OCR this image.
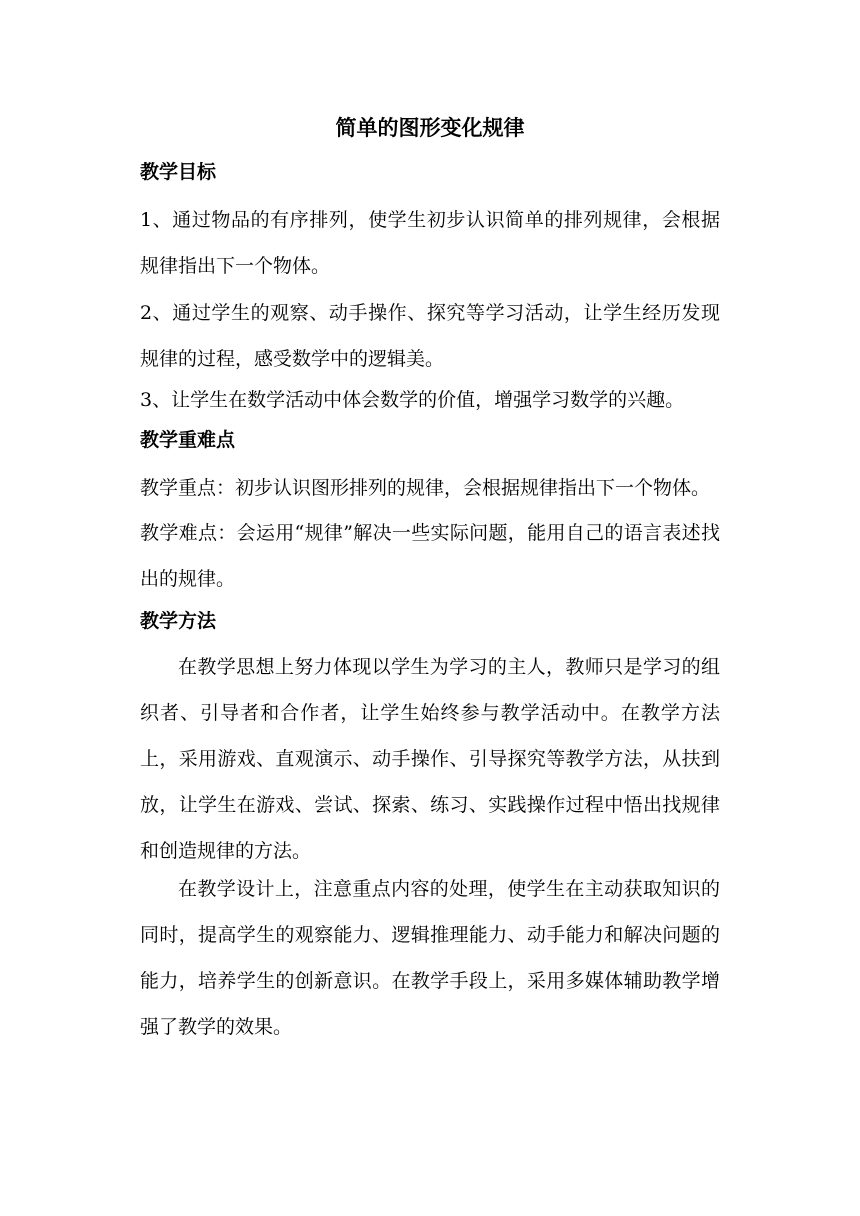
简单的图形变化规律
教学目标

1、通过物品的有序排列，使学生初步认识简单的排列规律，会根据规律指出下一个物体。

2、通过学生的观察、动手操作、探究等学习活动，让学生经历发现规律的过程，感受数学中的逻辑美。

3、让学生在数学活动中体会数学的价值，增强学习数学的兴趣。

教学重难点

教学重点：初步认识图形排列的规律，会根据规律指出下一个物体。

教学难点：会运用“规律”解决一些实际问题，能用自己的语言表述找出的规律。

教学方法

在教学思想上努力体现以学生为学习的主人，教师只是学习的组织者、引导者和合作者，让学生始终参与教学活动中。在教学方法上，采用游戏、直观演示、动手操作、引导探究等教学方法，从扶到放，让学生在游戏、尝试、探索、练习、实践操作过程中悟出找规律和创造规律的方法。

在教学设计上，注意重点内容的处理，使学生在主动获取知识的同时，提高学生的观察能力、逻辑推理能力、动手能力和解决问题的能力，培养学生的创新意识。在教学手段上，采用多媒体辅助教学增强了教学的效果。
